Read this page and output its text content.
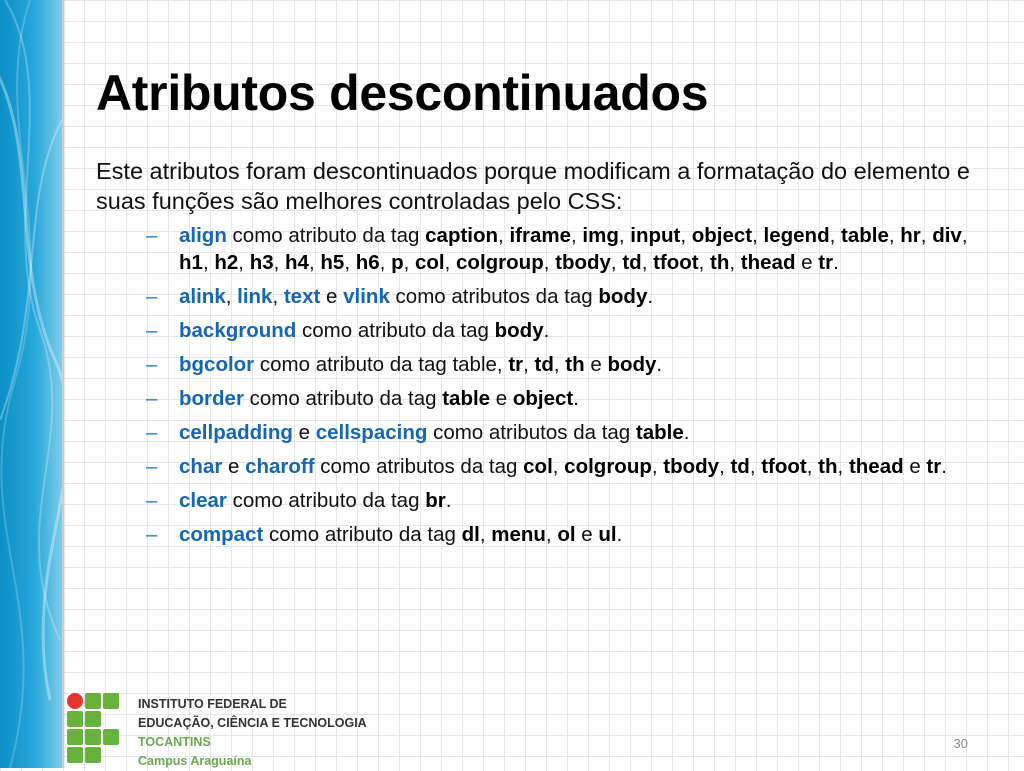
Atributos descontinuados
Este atributos foram descontinuados porque modificam a formatação do elemento e suas funções são melhores controladas pelo CSS:
– align como atributo da tag caption, iframe, img, input, object, legend, table, hr, div, h1, h2, h3, h4, h5, h6, p, col, colgroup, tbody, td, tfoot, th, thead e tr.
– alink, link, text e vlink como atributos da tag body.
– background como atributo da tag body.
– bgcolor como atributo da tag table, tr, td, th e body.
– border como atributo da tag table e object.
– cellpadding e cellspacing como atributos da tag table.
– char e charoff como atributos da tag col, colgroup, tbody, td, tfoot, th, thead e tr.
– clear como atributo da tag br.
– compact como atributo da tag dl, menu, ol e ul.
INSTITUTO FEDERAL DE
EDUCAÇÃO, CIÊNCIA E TECNOLOGIA
TOCANTINS
Campus Araguaína
30
